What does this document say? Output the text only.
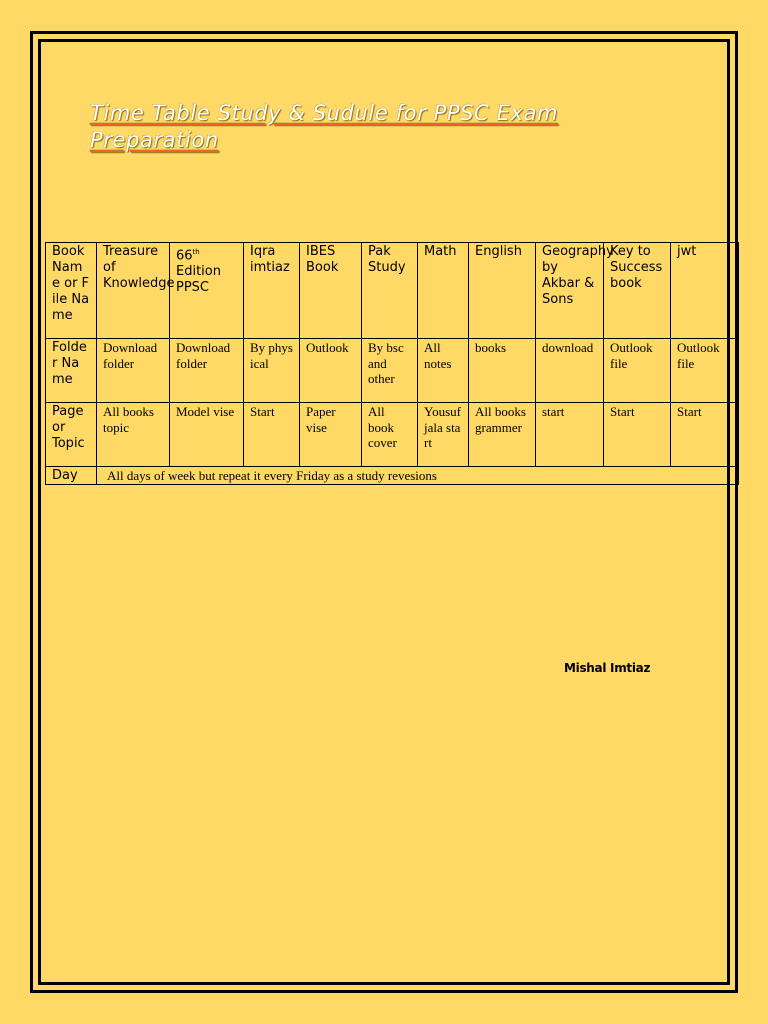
Time Table Study & Sudule for PPSC Exam Preparation
Book Name or File Name	Treasure of Knowledge	66th Edition PPSC	Iqra imtiaz	IBES Book	Pak Study	Math	English	Geography by Akbar & Sons	Key to Success book	jwt
Folder Name	Download folder	Download folder	By physical	Outlook	By bsc and other	All notes	books	download	Outlook file	Outlook file
Page or Topic	All books topic	Model vise	Start	Paper vise	All book cover	Yousuf jala start	All books grammer	start	Start	Start
Day	All days of week but repeat it every Friday as a study revesions									
Mishal Imtiaz
